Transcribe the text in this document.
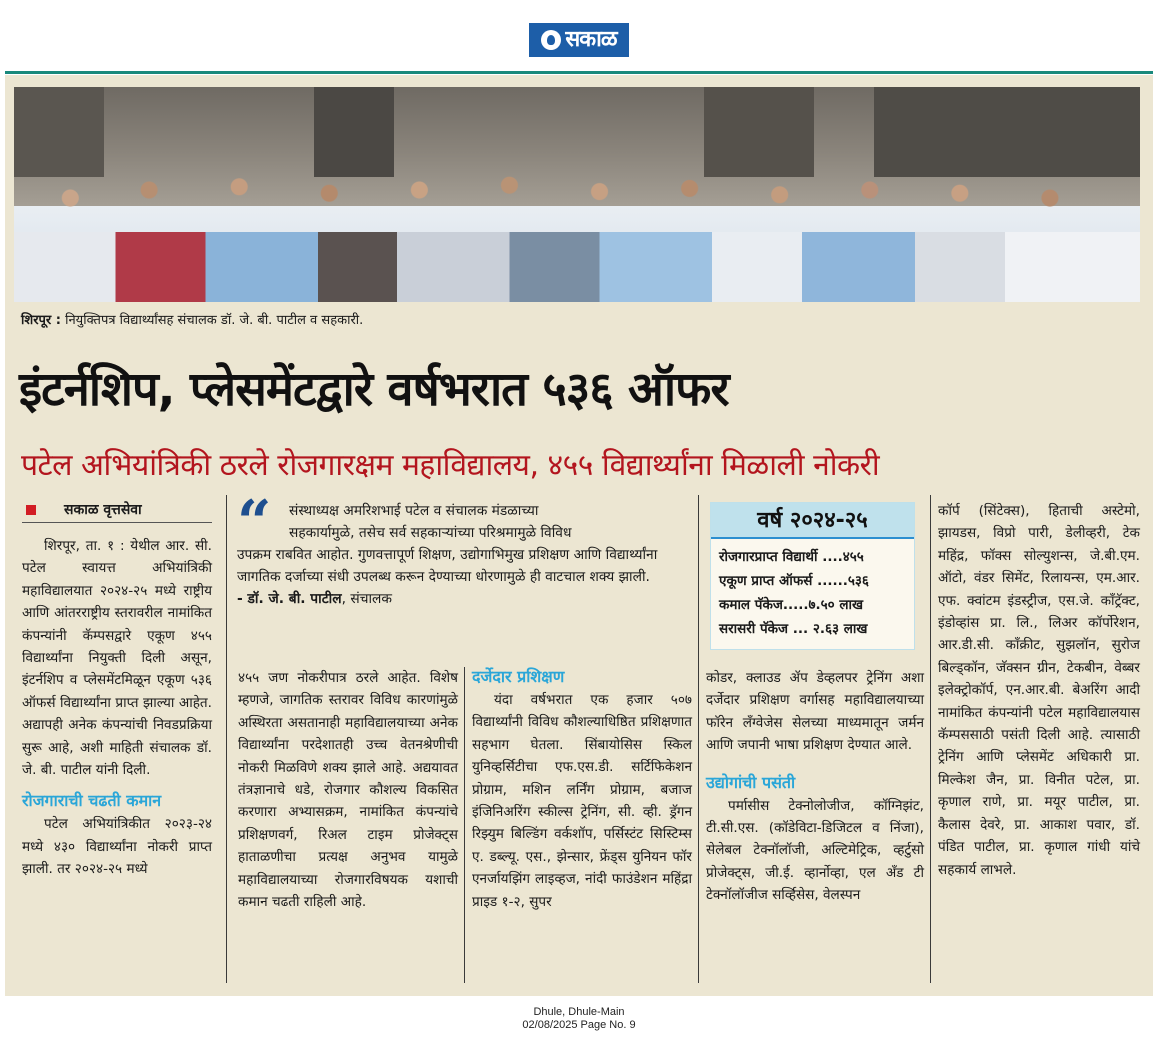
सकाळ
शिरपूर : नियुक्तिपत्र विद्यार्थ्यांसह संचालक डॉ. जे. बी. पाटील व सहकारी.
इंटर्नशिप, प्लेसमेंटद्वारे वर्षभरात ५३६ ऑफर
पटेल अभियांत्रिकी ठरले रोजगारक्षम महाविद्यालय, ४५५ विद्यार्थ्यांना मिळाली नोकरी
सकाळ वृत्तसेवा

शिरपूर, ता. १ : येथील आर. सी. पटेल स्वायत्त अभियांत्रिकी महाविद्यालयात २०२४-२५ मध्ये राष्ट्रीय आणि आंतरराष्ट्रीय स्तरावरील नामांकित कंपन्यांनी कॅम्पसद्वारे एकूण ४५५ विद्यार्थ्यांना नियुक्ती दिली असून, इंटर्नशिप व प्लेसमेंटमिळून एकूण ५३६ ऑफर्स विद्यार्थ्यांना प्राप्त झाल्या आहेत. अद्यापही अनेक कंपन्यांची निवडप्रक्रिया सुरू आहे, अशी माहिती संचालक डॉ. जे. बी. पाटील यांनी दिली.

रोजगाराची चढती कमान

पटेल अभियांत्रिकीत २०२३-२४ मध्ये ४३० विद्यार्थ्यांना नोकरी प्राप्त झाली. तर २०२४-२५ मध्ये

“	संस्थाध्यक्ष अमरिशभाई पटेल व संचालक मंडळाच्या
सहकार्यामुळे, तसेच सर्व सहकाऱ्यांच्या परिश्रमामुळे विविध
उपक्रम राबवित आहोत. गुणवत्तापूर्ण शिक्षण, उद्योगाभिमुख प्रशिक्षण आणि विद्यार्थ्यांना जागतिक दर्जाच्या संधी उपलब्ध करून देण्याच्या धोरणामुळे ही वाटचाल शक्य झाली.
- डॉ. जे. बी. पाटील, संचालक

४५५ जण नोकरीपात्र ठरले आहेत. विशेष म्हणजे, जागतिक स्तरावर विविध कारणांमुळे अस्थिरता असतानाही महाविद्यालयाच्या अनेक विद्यार्थ्यांना परदेशातही उच्च वेतनश्रेणीची नोकरी मिळविणे शक्य झाले आहे. अद्ययावत तंत्रज्ञानाचे धडे, रोजगार कौशल्य विकसित करणारा अभ्यासक्रम, नामांकित कंपन्यांचे प्रशिक्षणवर्ग, रिअल टाइम प्रोजेक्ट्स हाताळणीचा प्रत्यक्ष अनुभव यामुळे महाविद्यालयाच्या रोजगारविषयक यशाची कमान चढती राहिली आहे.

दर्जेदार प्रशिक्षण

यंदा वर्षभरात एक हजार ५०७ विद्यार्थ्यांनी विविध कौशल्याधिष्ठित प्रशिक्षणात सहभाग घेतला. सिंबायोसिस स्किल युनिव्हर्सिटीचा एफ.एस.डी. सर्टिफिकेशन प्रोग्राम, मशिन लर्निंग प्रोग्राम, बजाज इंजिनिअरिंग स्कील्स ट्रेनिंग, सी. व्ही. ड्रॅगन रिझ्युम बिल्डिंग वर्कशॉप, पर्सिस्टंट सिस्टिम्स ए. डब्ल्यू. एस., झेन्सार, फ्रेंड्स युनियन फॉर एनर्जायझिंग लाइव्हज, नांदी फाउंडेशन महिंद्रा प्राइड १-२, सुपर

वर्ष २०२४-२५
रोजगारप्राप्त विद्यार्थी ....४५५
एकूण प्राप्त ऑफर्स ......५३६
कमाल पॅकेज.....७.५० लाख
सरासरी पॅकेज ... २.६३ लाख

कोडर, क्लाउड ॲप डेव्हलपर ट्रेनिंग अशा दर्जेदार प्रशिक्षण वर्गासह महाविद्यालयाच्या फॉरेन लॅंग्वेजेस सेलच्या माध्यमातून जर्मन आणि जपानी भाषा प्रशिक्षण देण्यात आले.

उद्योगांची पसंती

पर्मासीस टेक्नोलोजीज, कॉग्निझंट, टी.सी.एस. (कॉडेविटा-डिजिटल व निंजा), सेलेबल टेक्नॉलॉजी, अल्टिमेट्रिक, व्हर्टुसो प्रोजेक्ट्स, जी.ई. व्हार्नोव्हा, एल अँड टी टेक्नॉलॉजीज सर्व्हिसेस, वेलस्पन

कॉर्प (सिंटेक्स), हिताची अस्टेमो, झायडस, विप्रो पारी, डेलीव्हरी, टेक महिंद्र, फॉक्स सोल्युशन्स, जे.बी.एम. ऑटो, वंडर सिमेंट, रिलायन्स, एम.आर. एफ. क्वांटम इंडस्ट्रीज, एस.जे. कॉंट्रॅक्ट, इंडोव्हांस प्रा. लि., लिअर कॉर्पोरेशन, आर.डी.सी. कॉंक्रीट, सुझलॉन, सुरोज बिल्ड्कॉन, जॅक्सन ग्रीन, टेकबीन, वेब्बर इलेक्ट्रोकॉर्प, एन.आर.बी. बेअरिंग आदी नामांकित कंपन्यांनी पटेल महाविद्यालयास कॅम्पससाठी पसंती दिली आहे. त्यासाठी ट्रेनिंग आणि प्लेसमेंट अधिकारी प्रा. मिल्केश जैन, प्रा. विनीत पटेल, प्रा. कृणाल राणे, प्रा. मयूर पाटील, प्रा. कैलास देवरे, प्रा. आकाश पवार, डॉ. पंडित पाटील, प्रा. कृणाल गांधी यांचे सहकार्य लाभले.

Dhule, Dhule-Main
02/08/2025 Page No. 9
